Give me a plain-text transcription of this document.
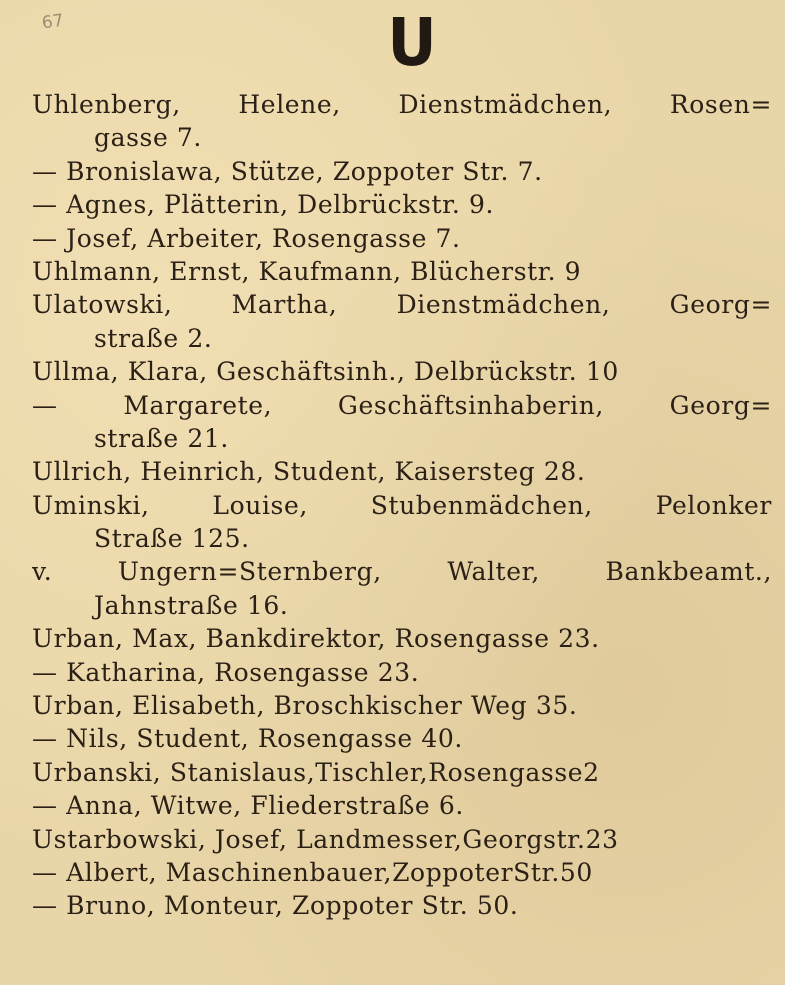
67	U
Uhlenberg, Helene, Dienstmädchen, Rosen=
gasse 7.
— Bronislawa, Stütze, Zoppoter Str. 7.
— Agnes, Plätterin, Delbrückstr. 9.
— Josef, Arbeiter, Rosengasse 7.
Uhlmann, Ernst, Kaufmann, Blücherstr. 9
Ulatowski, Martha, Dienstmädchen, Georg=
straße 2.
Ullma, Klara, Geschäftsinh., Delbrückstr. 10
— Margarete, Geschäftsinhaberin, Georg=
straße 21.
Ullrich, Heinrich, Student, Kaisersteg 28.
Uminski, Louise, Stubenmädchen, Pelonker
Straße 125.
v. Ungern=Sternberg, Walter, Bankbeamt.,
Jahnstraße 16.
Urban, Max, Bankdirektor, Rosengasse 23.
— Katharina, Rosengasse 23.
Urban, Elisabeth, Broschkischer Weg 35.
— Nils, Student, Rosengasse 40.
Urbanski, Stanislaus,Tischler,Rosengasse2
— Anna, Witwe, Fliederstraße 6.
Ustarbowski, Josef, Landmesser,Georgstr.23
— Albert, Maschinenbauer,ZoppoterStr.50
— Bruno, Monteur, Zoppoter Str. 50.
